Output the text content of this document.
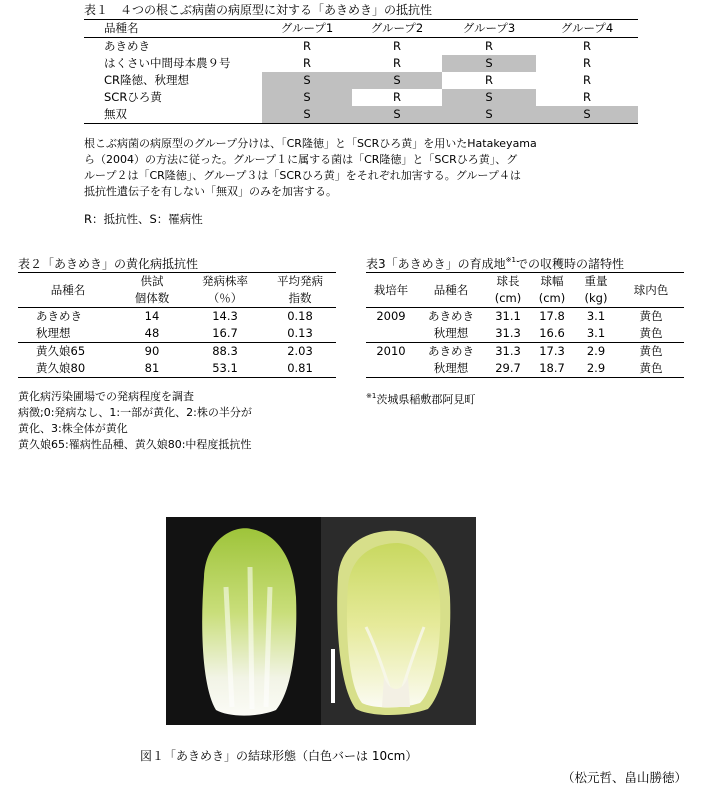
表１　４つの根こぶ病菌の病原型に対する「あきめき」の抵抗性
品種名	グループ1	グループ2	グループ3	グループ4
あきめき	R	R	R	R
はくさい中間母本農９号	R	R	S	R
CR隆徳、秋理想	S	S	R	R
SCRひろ黄	S	R	S	R
無双	S	S	S	S
根こぶ病菌の病原型のグループ分けは、「CR隆徳」と「SCRひろ黄」を用いたHatakeyama
ら（2004）の方法に従った。グループ１に属する菌は「CR隆徳」と「SCRひろ黄」、グ
ループ２は「CR隆徳」、グループ３は「SCRひろ黄」をそれぞれ加害する。グループ４は
抵抗性遺伝子を有しない「無双」のみを加害する。
R：抵抗性、S：罹病性
表２「あきめき」の黄化病抵抗性
品種名	供試	発病株率	平均発病
	個体数	（％）	指数
あきめき	14	14.3	0.18
秋理想	48	16.7	0.13
黄久娘65	90	88.3	2.03
黄久娘80	81	53.1	0.81
黄化病汚染圃場での発病程度を調査
病徴;0:発病なし、1:一部が黄化、2:株の半分が
黄化、3:株全体が黄化
黄久娘65:罹病性品種、黄久娘80:中程度抵抗性
表3「あきめき」の育成地$^{※1}$での収穫時の諸特性
栽培年	品種名	球長	球幅	重量	球内色
		(cm)	(cm)	(kg)	
2009	あきめき	31.1	17.8	3.1	黄色
	秋理想	31.3	16.6	3.1	黄色
2010	あきめき	31.3	17.3	2.9	黄色
	秋理想	29.7	18.7	2.9	黄色
$^{※1}$茨城県稲敷郡阿見町
図１「あきめき」の結球形態（白色バーは 10cm）
（松元哲、畠山勝徳）
